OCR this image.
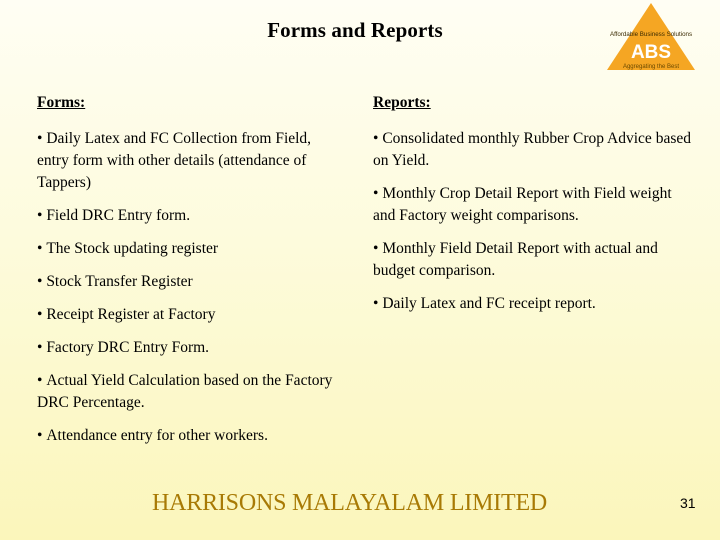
Forms and Reports	Affordable Business Solutions
ABS
Aggregating the Best
Forms:
• Daily Latex and FC Collection from Field, entry form with other details (attendance of Tappers)
• Field DRC Entry form.
• The Stock updating register
• Stock Transfer Register
• Receipt Register at Factory
• Factory DRC Entry Form.
• Actual Yield Calculation based on the Factory DRC Percentage.
• Attendance entry for other workers.
Reports:
• Consolidated monthly Rubber Crop Advice based on Yield.
• Monthly Crop Detail Report with Field weight and Factory weight comparisons.
• Monthly Field Detail Report with actual and budget comparison.
• Daily Latex and FC receipt report.
HARRISONS MALAYALAM LIMITED	31
